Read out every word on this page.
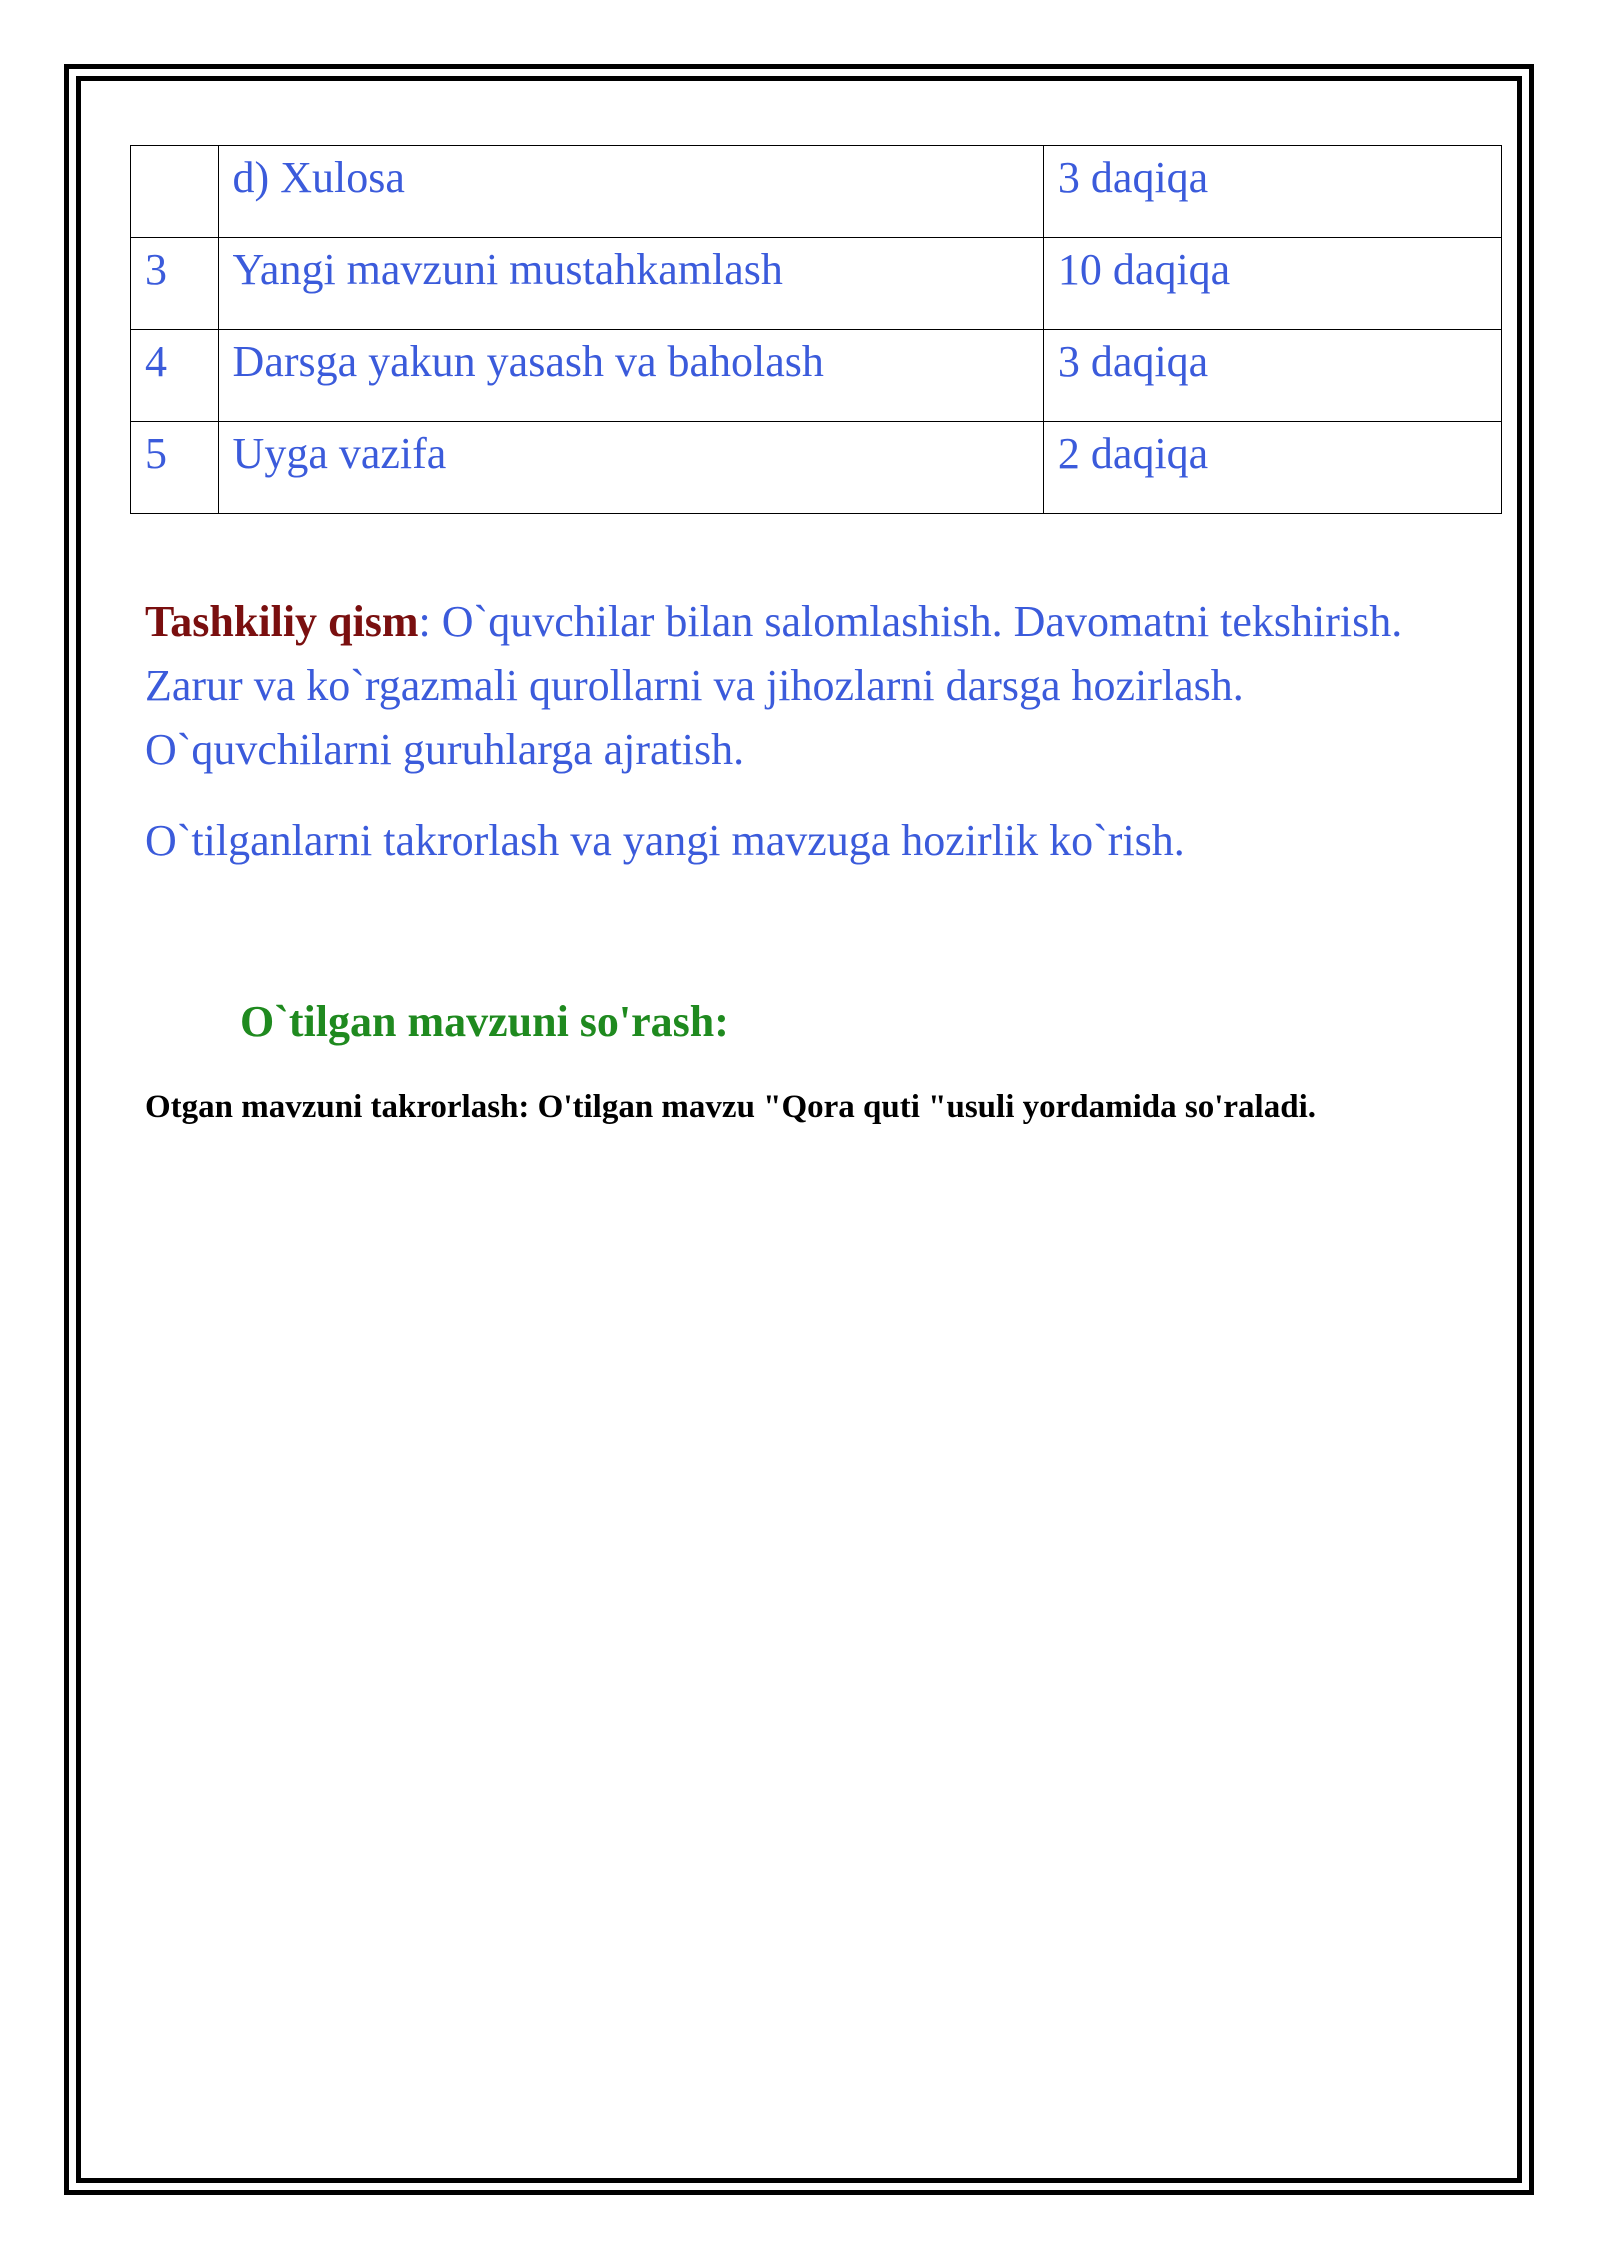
	d) Xulosa	3 daqiqa
3	Yangi mavzuni mustahkamlash	10 daqiqa
4	Darsga yakun yasash va baholash	3 daqiqa
5	Uyga vazifa	2 daqiqa

Tashkiliy qism: O`quvchilar bilan salomlashish. Davomatni tekshirish. Zarur va ko`rgazmali qurollarni va jihozlarni darsga hozirlash. O`quvchilarni guruhlarga ajratish.

O`tilganlarni takrorlash va yangi mavzuga hozirlik ko`rish.

O`tilgan mavzuni so'rash:

Otgan mavzuni takrorlash: O'tilgan mavzu "Qora quti "usuli yordamida so'raladi.
